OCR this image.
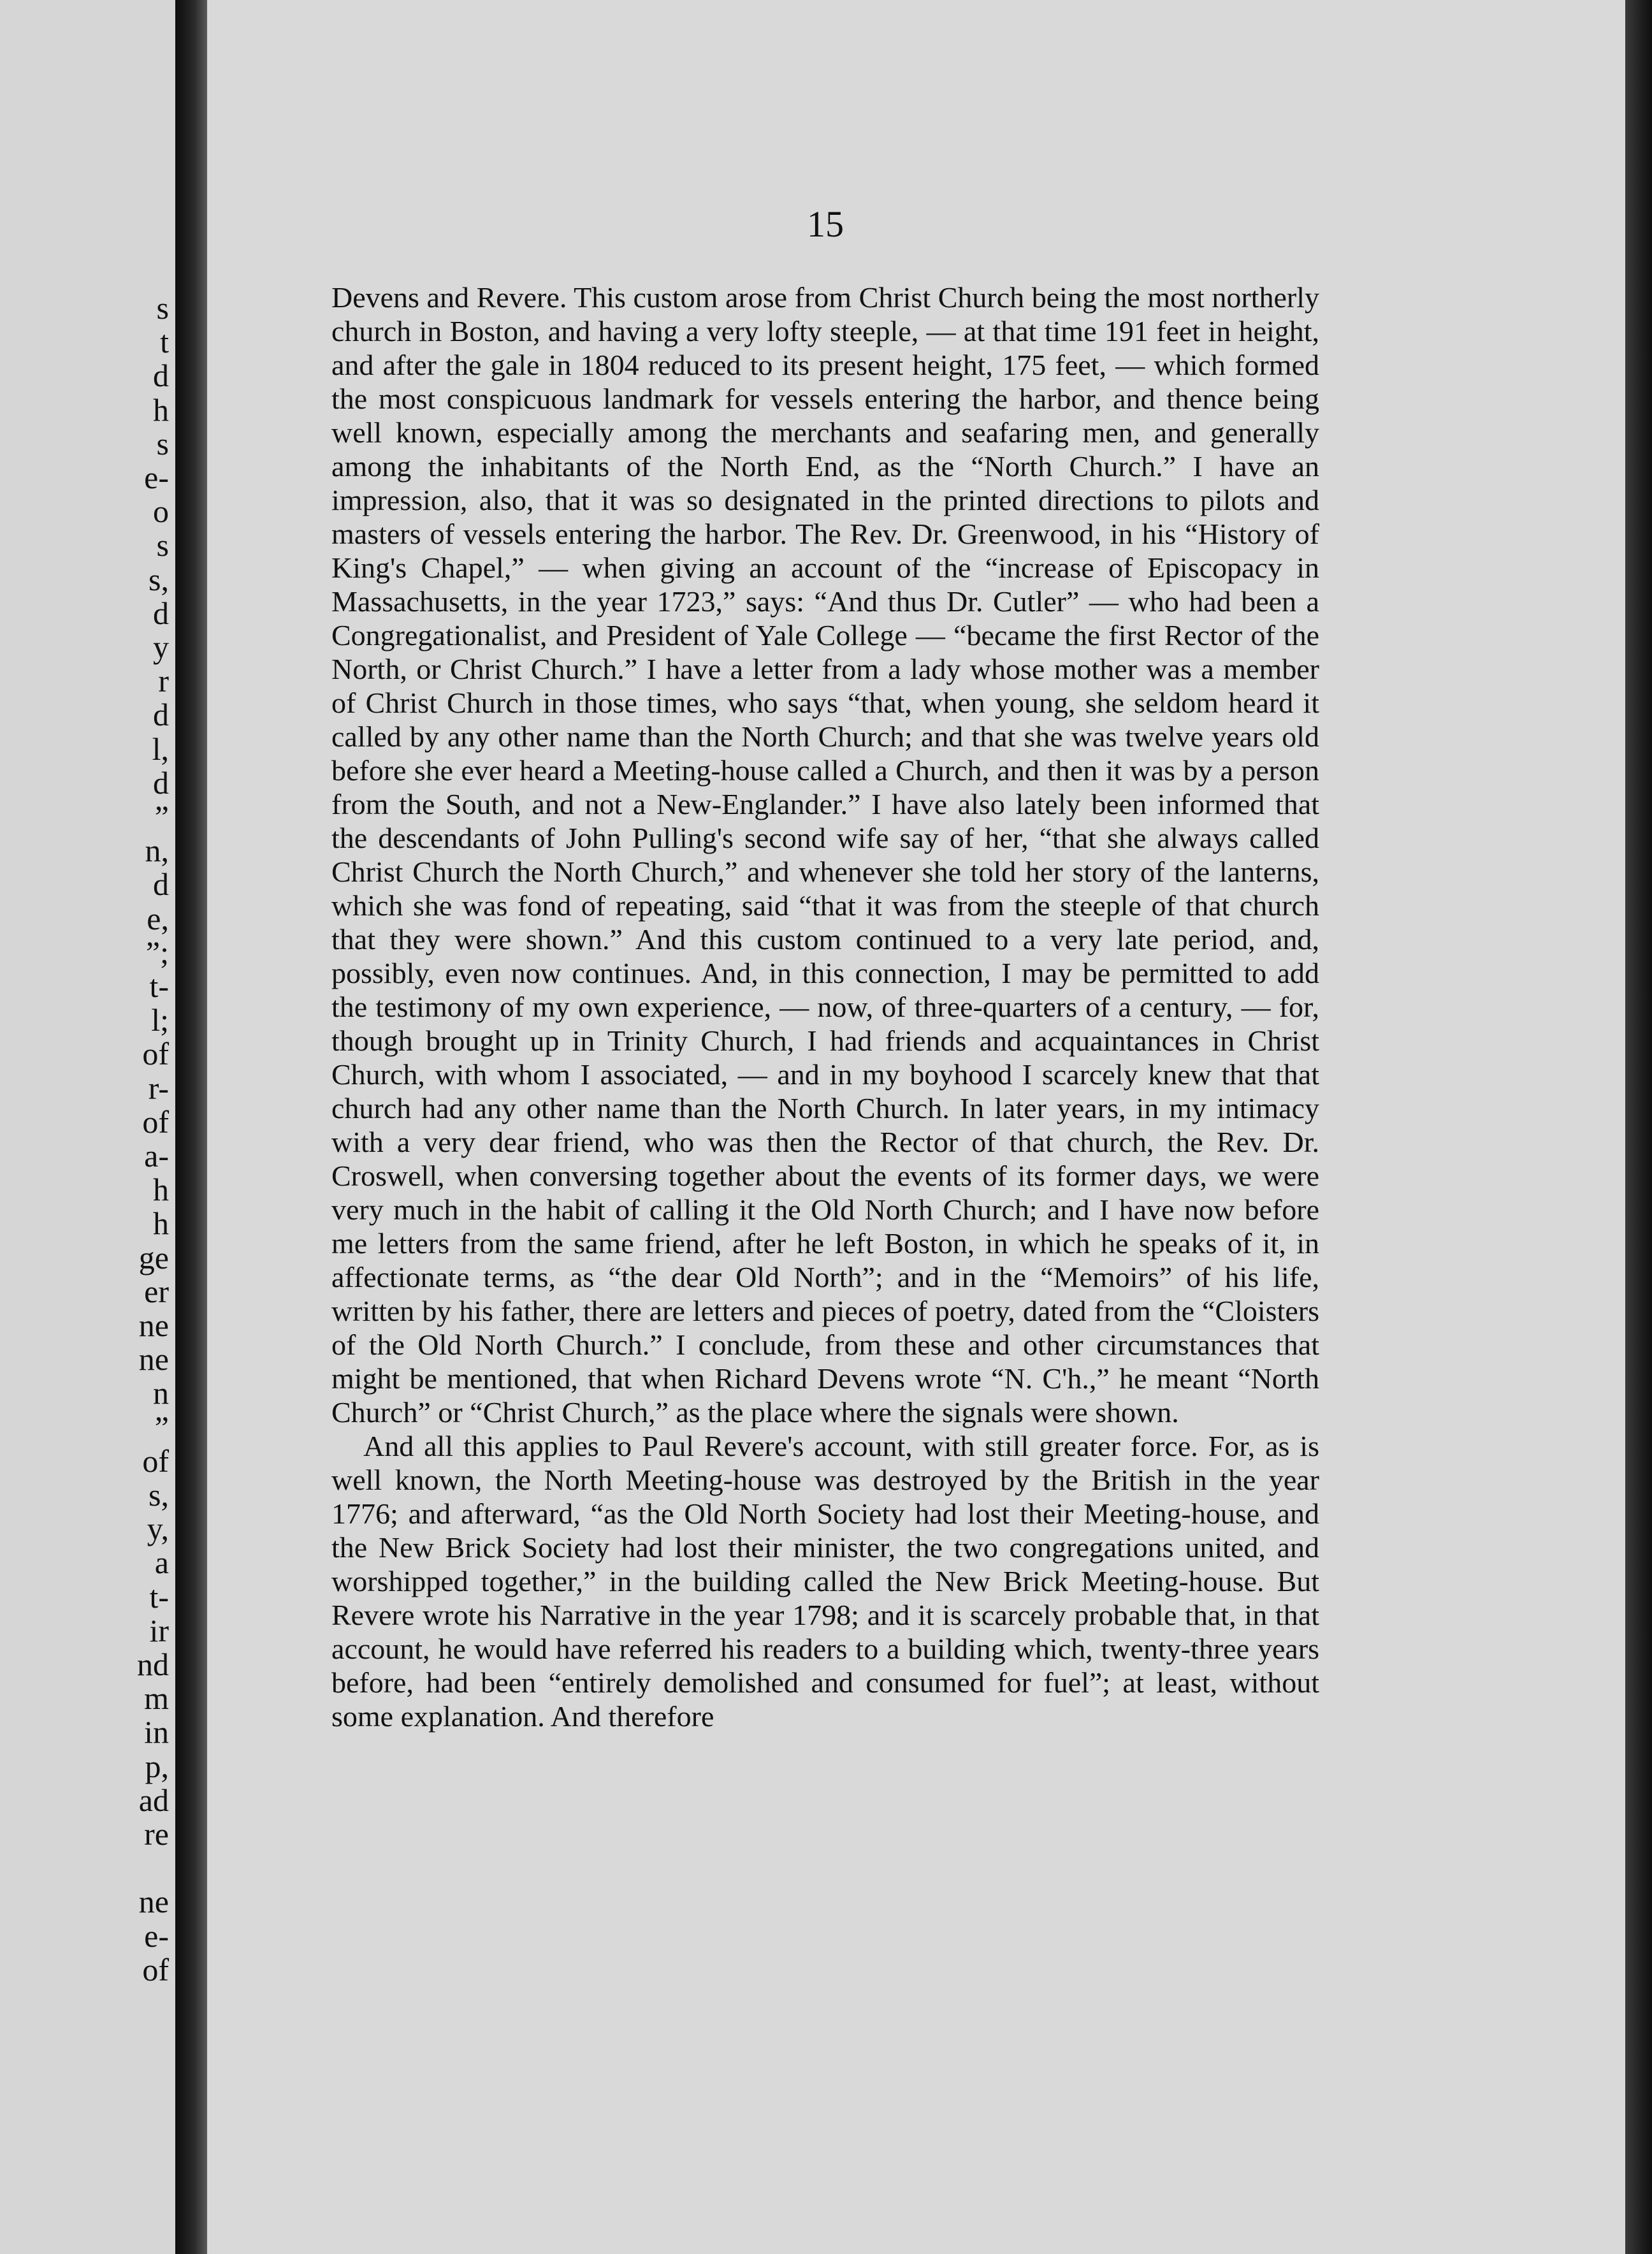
s
t
d
h
s
e-
o
s
s,
d
y
r
d
l,
d
”
n,
d
e,
”;
t-
l;
of
r-
of
a-
h
h
ge
er
ne
ne
n
”
of
s,
y,
a
t-
ir
nd
m
in
p,
ad
re
ne
e-
of
15

Devens and Revere. This custom arose from Christ Church being the most northerly church in Boston, and having a very lofty steeple, — at that time 191 feet in height, and after the gale in 1804 reduced to its present height, 175 feet, — which formed the most conspicuous landmark for vessels entering the harbor, and thence being well known, especially among the merchants and seafaring men, and generally among the inhabitants of the North End, as the “North Church.” I have an impression, also, that it was so designated in the printed directions to pilots and masters of vessels entering the harbor. The Rev. Dr. Greenwood, in his “History of King's Chapel,” — when giving an account of the “increase of Episcopacy in Massachusetts, in the year 1723,” says: “And thus Dr. Cutler” — who had been a Congregationalist, and President of Yale College — “became the first Rector of the North, or Christ Church.” I have a letter from a lady whose mother was a member of Christ Church in those times, who says “that, when young, she seldom heard it called by any other name than the North Church; and that she was twelve years old before she ever heard a Meeting-house called a Church, and then it was by a person from the South, and not a New-Englander.” I have also lately been informed that the descendants of John Pulling's second wife say of her, “that she always called Christ Church the North Church,” and whenever she told her story of the lanterns, which she was fond of repeating, said “that it was from the steeple of that church that they were shown.” And this custom continued to a very late period, and, possibly, even now continues. And, in this connection, I may be permitted to add the testimony of my own experience, — now, of three-quarters of a century, — for, though brought up in Trinity Church, I had friends and acquaintances in Christ Church, with whom I associated, — and in my boyhood I scarcely knew that that church had any other name than the North Church. In later years, in my intimacy with a very dear friend, who was then the Rector of that church, the Rev. Dr. Croswell, when conversing together about the events of its former days, we were very much in the habit of calling it the Old North Church; and I have now before me letters from the same friend, after he left Boston, in which he speaks of it, in affectionate terms, as “the dear Old North”; and in the “Memoirs” of his life, written by his father, there are letters and pieces of poetry, dated from the “Cloisters of the Old North Church.” I conclude, from these and other circumstances that might be mentioned, that when Richard Devens wrote “N. C'h.,” he meant “North Church” or “Christ Church,” as the place where the signals were shown.

And all this applies to Paul Revere's account, with still greater force. For, as is well known, the North Meeting-house was destroyed by the British in the year 1776; and afterward, “as the Old North Society had lost their Meeting-house, and the New Brick Society had lost their minister, the two congregations united, and worshipped together,” in the building called the New Brick Meeting-house. But Revere wrote his Narrative in the year 1798; and it is scarcely probable that, in that account, he would have referred his readers to a building which, twenty-three years before, had been “entirely demolished and consumed for fuel”; at least, without some explanation. And therefore
